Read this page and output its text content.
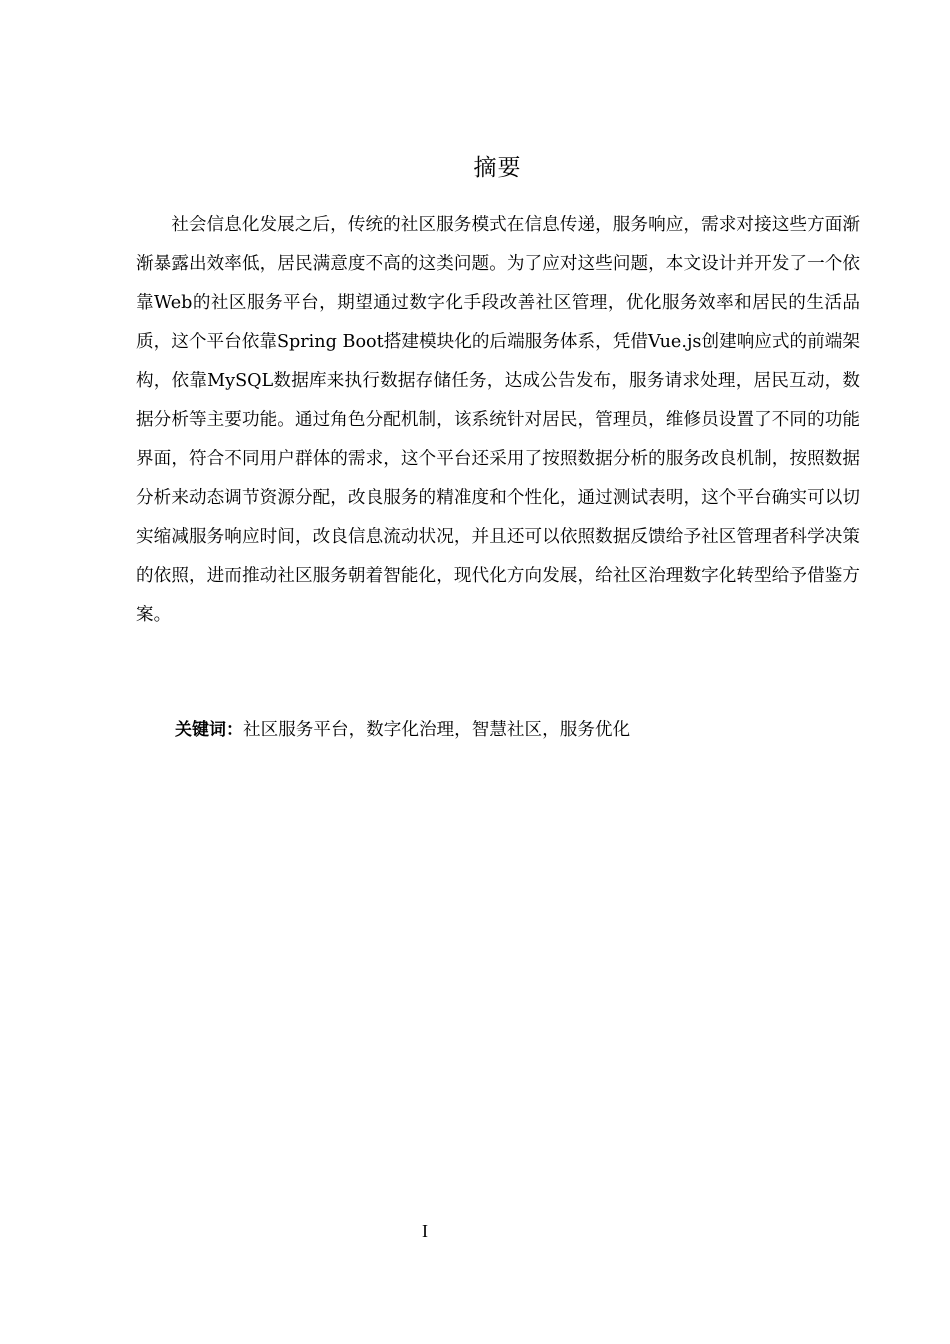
摘要

社会信息化发展之后，传统的社区服务模式在信息传递，服务响应，需求对接这些方面渐渐暴露出效率低，居民满意度不高的这类问题。为了应对这些问题，本文设计并开发了一个依靠Web的社区服务平台，期望通过数字化手段改善社区管理，优化服务效率和居民的生活品质，这个平台依靠Spring Boot搭建模块化的后端服务体系，凭借Vue.js创建响应式的前端架构，依靠MySQL数据库来执行数据存储任务，达成公告发布，服务请求处理，居民互动，数据分析等主要功能。通过角色分配机制，该系统针对居民，管理员，维修员设置了不同的功能界面，符合不同用户群体的需求，这个平台还采用了按照数据分析的服务改良机制，按照数据分析来动态调节资源分配，改良服务的精准度和个性化，通过测试表明，这个平台确实可以切实缩减服务响应时间，改良信息流动状况，并且还可以依照数据反馈给予社区管理者科学决策的依照，进而推动社区服务朝着智能化，现代化方向发展，给社区治理数字化转型给予借鉴方案。

关键词：社区服务平台，数字化治理，智慧社区，服务优化

I
